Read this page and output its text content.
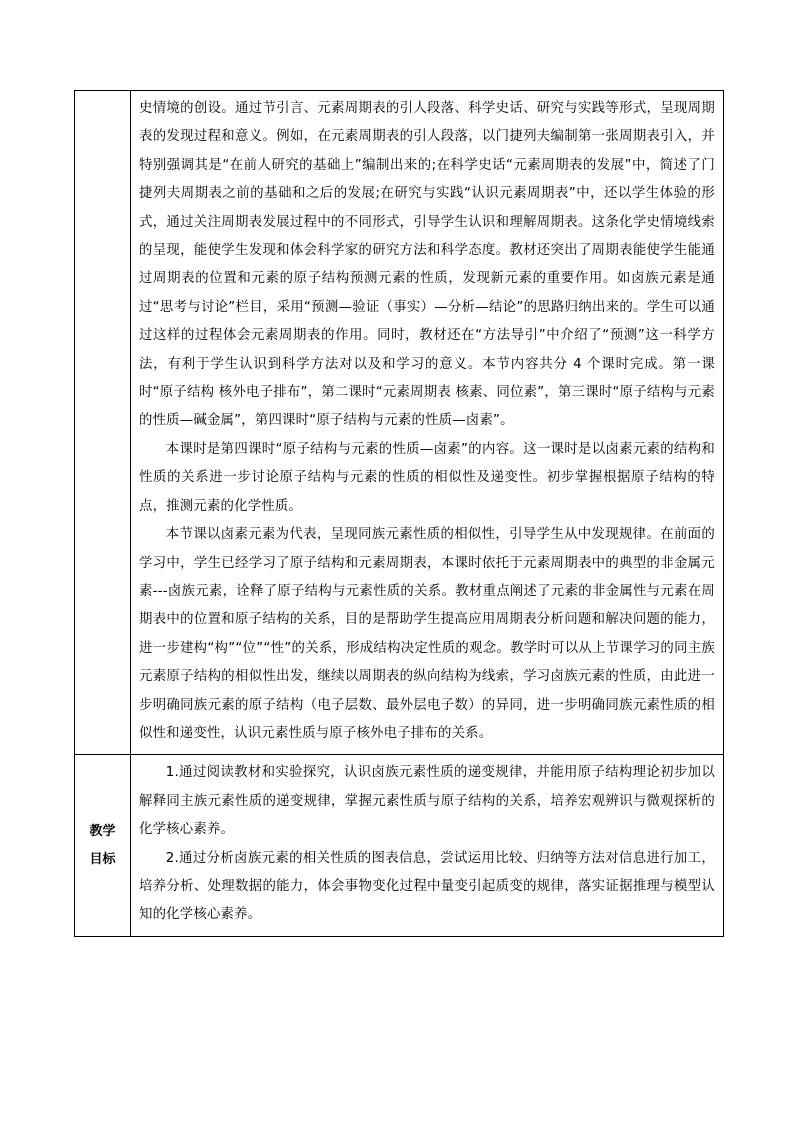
	史情境的创设。通过节引言、元素周期表的引人段落、科学史话、研究与实践等形式，呈现周期表的发现过程和意义。例如，在元素周期表的引人段落，以门捷列夫编制第一张周期表引入，并特别强调其是“在前人研究的基础上”编制出来的;在科学史话“元素周期表的发展”中，简述了门捷列夫周期表之前的基础和之后的发展;在研究与实践“认识元素周期表”中，还以学生体验的形式，通过关注周期表发展过程中的不同形式，引导学生认识和理解周期表。这条化学史情境线索的呈现，能使学生发现和体会科学家的研究方法和科学态度。教材还突出了周期表能使学生能通过周期表的位置和元素的原子结构预测元素的性质，发现新元素的重要作用。如卤族元素是通过“思考与讨论”栏目，采用“预测—验证（事实）—分析—结论”的思路归纳出来的。学生可以通过这样的过程体会元素周期表的作用。同时，教材还在“方法导引”中介绍了“预测”这一科学方法，有利于学生认识到科学方法对以及和学习的意义。本节内容共分 4 个课时完成。第一课时“原子结构 核外电子排布”，第二课时“元素周期表 核素、同位素”，第三课时“原子结构与元素的性质—碱金属”，第四课时“原子结构与元素的性质—卤素”。

本课时是第四课时“原子结构与元素的性质—卤素”的内容。这一课时是以卤素元素的结构和性质的关系进一步讨论原子结构与元素的性质的相似性及递变性。初步掌握根据原子结构的特点，推测元素的化学性质。

本节课以卤素元素为代表，呈现同族元素性质的相似性，引导学生从中发现规律。在前面的学习中，学生已经学习了原子结构和元素周期表，本课时依托于元素周期表中的典型的非金属元素---卤族元素，诠释了原子结构与元素性质的关系。教材重点阐述了元素的非金属性与元素在周期表中的位置和原子结构的关系，目的是帮助学生提高应用周期表分析问题和解决问题的能力，进一步建构“构”“位”“性”的关系，形成结构决定性质的观念。教学时可以从上节课学习的同主族元素原子结构的相似性出发，继续以周期表的纵向结构为线索，学习卤族元素的性质，由此进一步明确同族元素的原子结构（电子层数、最外层电子数）的异同，进一步明确同族元素性质的相似性和递变性，认识元素性质与原子核外电子排布的关系。

教学目标	1.通过阅读教材和实验探究，认识卤族元素性质的递变规律，并能用原子结构理论初步加以解释同主族元素性质的递变规律，掌握元素性质与原子结构的关系，培养宏观辨识与微观探析的化学核心素养。

2.通过分析卤族元素的相关性质的图表信息，尝试运用比较、归纳等方法对信息进行加工，培养分析、处理数据的能力，体会事物变化过程中量变引起质变的规律，落实证据推理与模型认知的化学核心素养。
